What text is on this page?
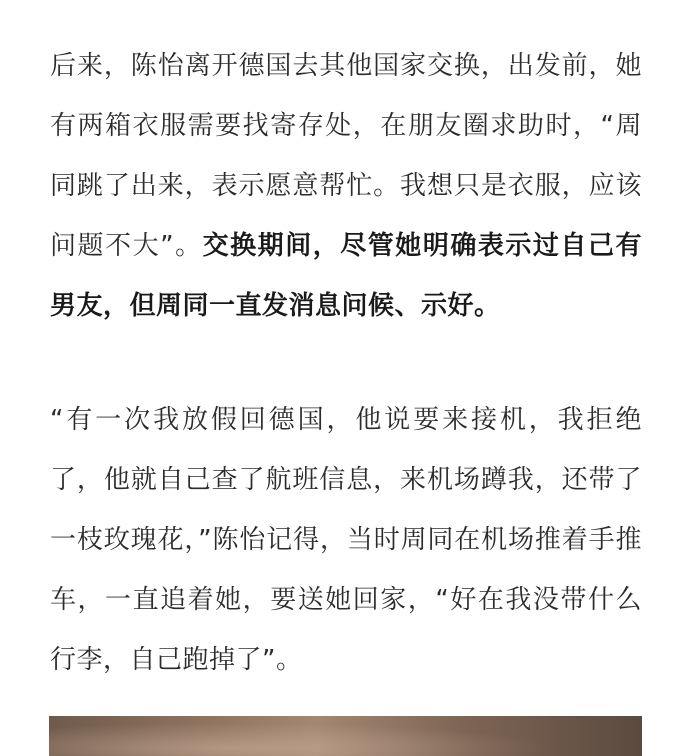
后来，陈怡离开德国去其他国家交换，出发前，她有两箱衣服需要找寄存处，在朋友圈求助时，“周同跳了出来，表示愿意帮忙。我想只是衣服，应该问题不大”。交换期间，尽管她明确表示过自己有男友，但周同一直发消息问候、示好。

“有一次我放假回德国，他说要来接机，我拒绝了，他就自己查了航班信息，来机场蹲我，还带了一枝玫瑰花，”陈怡记得，当时周同在机场推着手推车，一直追着她，要送她回家，“好在我没带什么行李，自己跑掉了”。
